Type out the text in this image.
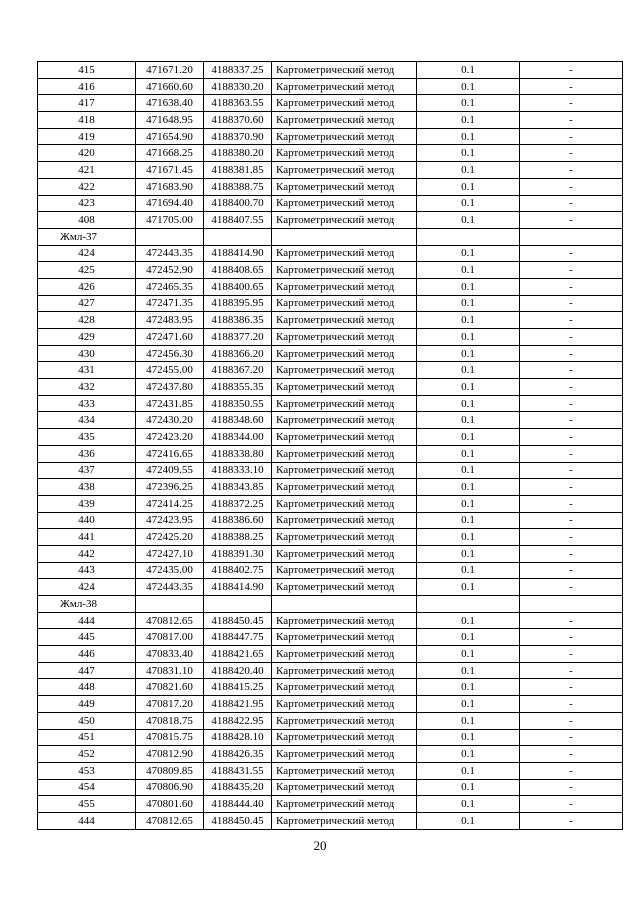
415	471671.20	4188337.25	Картометрический метод	0.1	-
416	471660.60	4188330.20	Картометрический метод	0.1	-
417	471638.40	4188363.55	Картометрический метод	0.1	-
418	471648.95	4188370.60	Картометрический метод	0.1	-
419	471654.90	4188370.90	Картометрический метод	0.1	-
420	471668.25	4188380.20	Картометрический метод	0.1	-
421	471671.45	4188381.85	Картометрический метод	0.1	-
422	471683.90	4188388.75	Картометрический метод	0.1	-
423	471694.40	4188400.70	Картометрический метод	0.1	-
408	471705.00	4188407.55	Картометрический метод	0.1	-
Жмл-37					
424	472443.35	4188414.90	Картометрический метод	0.1	-
425	472452.90	4188408.65	Картометрический метод	0.1	-
426	472465.35	4188400.65	Картометрический метод	0.1	-
427	472471.35	4188395.95	Картометрический метод	0.1	-
428	472483.95	4188386.35	Картометрический метод	0.1	-
429	472471.60	4188377.20	Картометрический метод	0.1	-
430	472456.30	4188366.20	Картометрический метод	0.1	-
431	472455.00	4188367.20	Картометрический метод	0.1	-
432	472437.80	4188355.35	Картометрический метод	0.1	-
433	472431.85	4188350.55	Картометрический метод	0.1	-
434	472430.20	4188348.60	Картометрический метод	0.1	-
435	472423.20	4188344.00	Картометрический метод	0.1	-
436	472416.65	4188338.80	Картометрический метод	0.1	-
437	472409.55	4188333.10	Картометрический метод	0.1	-
438	472396.25	4188343.85	Картометрический метод	0.1	-
439	472414.25	4188372.25	Картометрический метод	0.1	-
440	472423.95	4188386.60	Картометрический метод	0.1	-
441	472425.20	4188388.25	Картометрический метод	0.1	-
442	472427.10	4188391.30	Картометрический метод	0.1	-
443	472435.00	4188402.75	Картометрический метод	0.1	-
424	472443.35	4188414.90	Картометрический метод	0.1	-
Жмл-38					
444	470812.65	4188450.45	Картометрический метод	0.1	-
445	470817.00	4188447.75	Картометрический метод	0.1	-
446	470833.40	4188421.65	Картометрический метод	0.1	-
447	470831.10	4188420.40	Картометрический метод	0.1	-
448	470821.60	4188415.25	Картометрический метод	0.1	-
449	470817.20	4188421.95	Картометрический метод	0.1	-
450	470818.75	4188422.95	Картометрический метод	0.1	-
451	470815.75	4188428.10	Картометрический метод	0.1	-
452	470812.90	4188426.35	Картометрический метод	0.1	-
453	470809.85	4188431.55	Картометрический метод	0.1	-
454	470806.90	4188435.20	Картометрический метод	0.1	-
455	470801.60	4188444.40	Картометрический метод	0.1	-
444	470812.65	4188450.45	Картометрический метод	0.1	-
20
